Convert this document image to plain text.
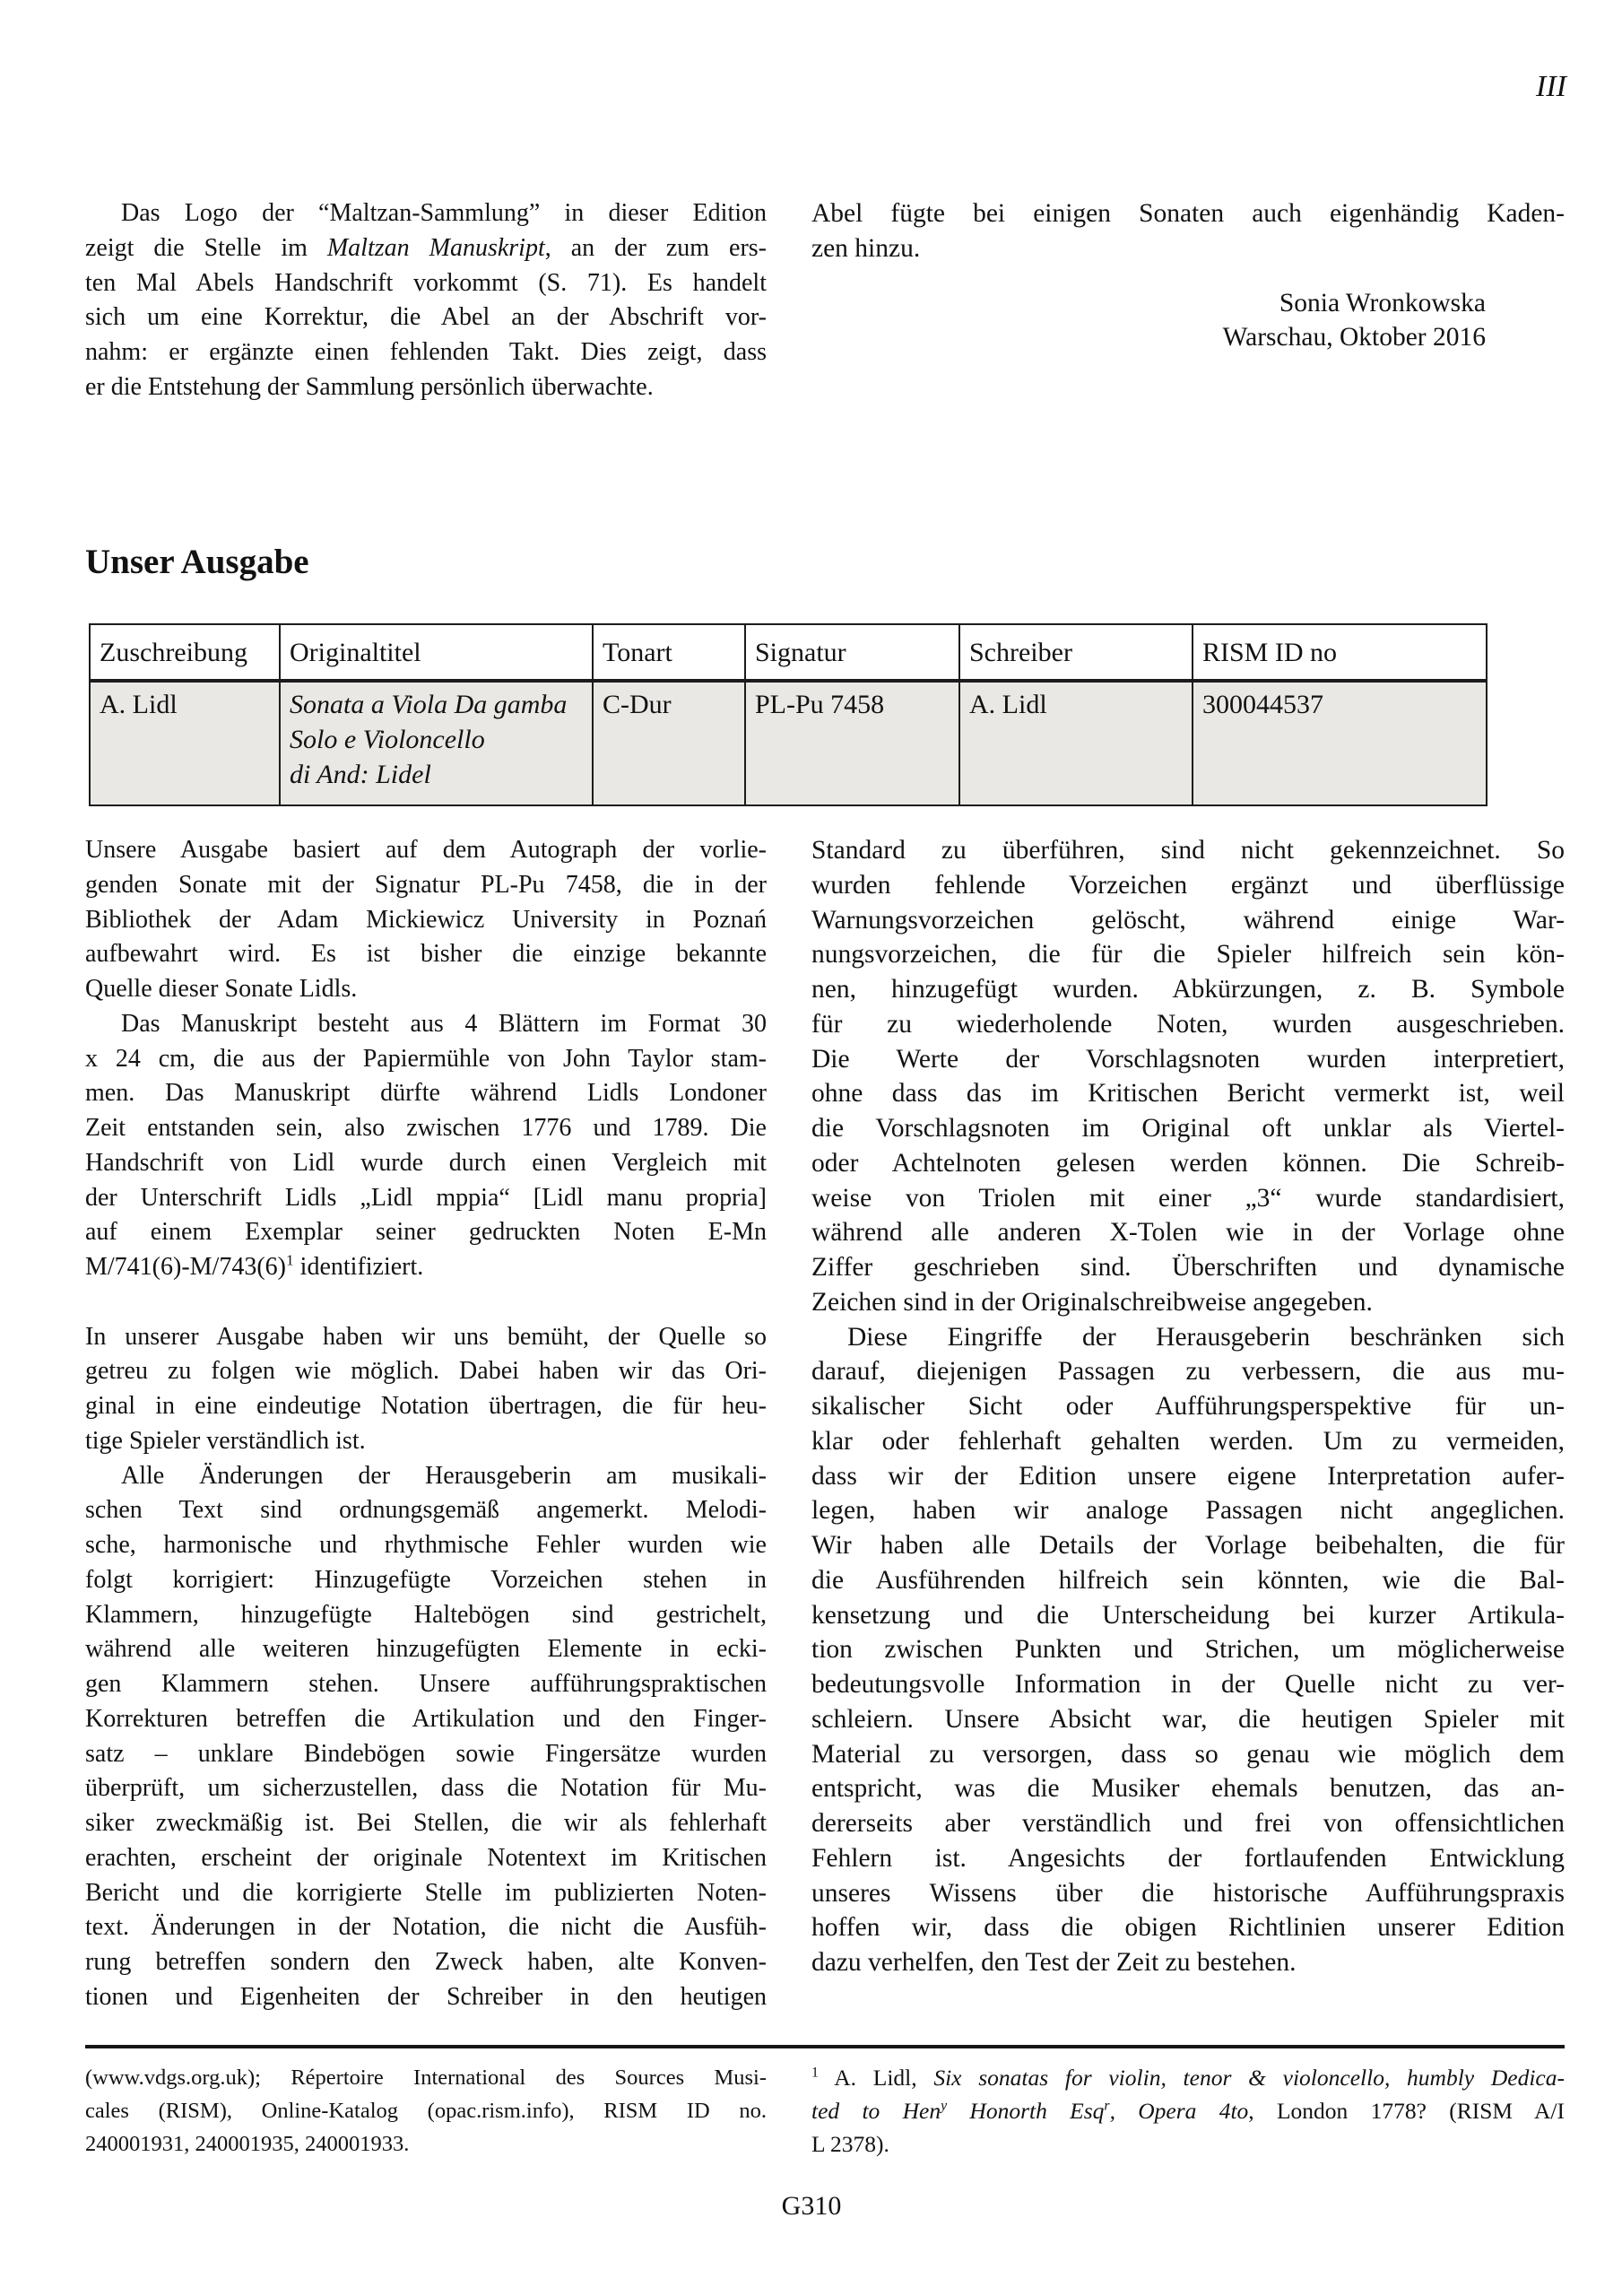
III
Das Logo der “Maltzan-Sammlung” in dieser Edition
zeigt die Stelle im Maltzan Manuskript, an der zum ers-
ten Mal Abels Handschrift vorkommt (S. 71). Es handelt
sich um eine Korrektur, die Abel an der Abschrift vor-
nahm: er ergänzte einen fehlenden Takt. Dies zeigt, dass
er die Entstehung der Sammlung persönlich überwachte.
Abel fügte bei einigen Sonaten auch eigenhändig Kaden-
zen hinzu.
Sonia Wronkowska
Warschau, Oktober 2016
Unser Ausgabe
Zuschreibung	Originaltitel	Tonart	Signatur	Schreiber	RISM ID no
A. Lidl	Sonata a Viola Da gamba
Solo e Violoncello
di And: Lidel	C-Dur	PL-Pu 7458	A. Lidl	300044537
Unsere Ausgabe basiert auf dem Autograph der vorlie-
genden Sonate mit der Signatur PL-Pu 7458, die in der
Bibliothek der Adam Mickiewicz University in Poznań
aufbewahrt wird. Es ist bisher die einzige bekannte
Quelle dieser Sonate Lidls.
Das Manuskript besteht aus 4 Blättern im Format 30
x 24 cm, die aus der Papiermühle von John Taylor stam-
men. Das Manuskript dürfte während Lidls Londoner
Zeit entstanden sein, also zwischen 1776 und 1789. Die
Handschrift von Lidl wurde durch einen Vergleich mit
der Unterschrift Lidls „Lidl mppia“ [Lidl manu propria]
auf einem Exemplar seiner gedruckten Noten E-Mn
$M/741(6)-M/743(6)^1$ identifiziert.
In unserer Ausgabe haben wir uns bemüht, der Quelle so
getreu zu folgen wie möglich. Dabei haben wir das Ori-
ginal in eine eindeutige Notation übertragen, die für heu-
tige Spieler verständlich ist.
Alle Änderungen der Herausgeberin am musikali-
schen Text sind ordnungsgemäß angemerkt. Melodi-
sche, harmonische und rhythmische Fehler wurden wie
folgt korrigiert: Hinzugefügte Vorzeichen stehen in
Klammern, hinzugefügte Haltebögen sind gestrichelt,
während alle weiteren hinzugefügten Elemente in ecki-
gen Klammern stehen. Unsere aufführungspraktischen
Korrekturen betreffen die Artikulation und den Finger-
satz – unklare Bindebögen sowie Fingersätze wurden
überprüft, um sicherzustellen, dass die Notation für Mu-
siker zweckmäßig ist. Bei Stellen, die wir als fehlerhaft
erachten, erscheint der originale Notentext im Kritischen
Bericht und die korrigierte Stelle im publizierten Noten-
text. Änderungen in der Notation, die nicht die Ausfüh-
rung betreffen sondern den Zweck haben, alte Konven-
tionen und Eigenheiten der Schreiber in den heutigen
Standard zu überführen, sind nicht gekennzeichnet. So
wurden fehlende Vorzeichen ergänzt und überflüssige
Warnungsvorzeichen gelöscht, während einige War-
nungsvorzeichen, die für die Spieler hilfreich sein kön-
nen, hinzugefügt wurden. Abkürzungen, z. B. Symbole
für zu wiederholende Noten, wurden ausgeschrieben.
Die Werte der Vorschlagsnoten wurden interpretiert,
ohne dass das im Kritischen Bericht vermerkt ist, weil
die Vorschlagsnoten im Original oft unklar als Viertel-
oder Achtelnoten gelesen werden können. Die Schreib-
weise von Triolen mit einer „3“ wurde standardisiert,
während alle anderen X-Tolen wie in der Vorlage ohne
Ziffer geschrieben sind. Überschriften und dynamische
Zeichen sind in der Originalschreibweise angegeben.
Diese Eingriffe der Herausgeberin beschränken sich
darauf, diejenigen Passagen zu verbessern, die aus mu-
sikalischer Sicht oder Aufführungsperspektive für un-
klar oder fehlerhaft gehalten werden. Um zu vermeiden,
dass wir der Edition unsere eigene Interpretation aufer-
legen, haben wir analoge Passagen nicht angeglichen.
Wir haben alle Details der Vorlage beibehalten, die für
die Ausführenden hilfreich sein könnten, wie die Bal-
kensetzung und die Unterscheidung bei kurzer Artikula-
tion zwischen Punkten und Strichen, um möglicherweise
bedeutungsvolle Information in der Quelle nicht zu ver-
schleiern. Unsere Absicht war, die heutigen Spieler mit
Material zu versorgen, dass so genau wie möglich dem
entspricht, was die Musiker ehemals benutzen, das an-
dererseits aber verständlich und frei von offensichtlichen
Fehlern ist. Angesichts der fortlaufenden Entwicklung
unseres Wissens über die historische Aufführungspraxis
hoffen wir, dass die obigen Richtlinien unserer Edition
dazu verhelfen, den Test der Zeit zu bestehen.
(www.vdgs.org.uk); Répertoire International des Sources Musi-
cales (RISM), Online-Katalog (opac.rism.info), RISM ID no.
240001931, 240001935, 240001933.
$^1$ A. Lidl, Six sonatas for violin, tenor & violoncello, humbly Dedica-
ted to Hen$^y$ Honorth Esq$^r$, Opera 4to, London 1778? (RISM A/I
L 2378).
G310
